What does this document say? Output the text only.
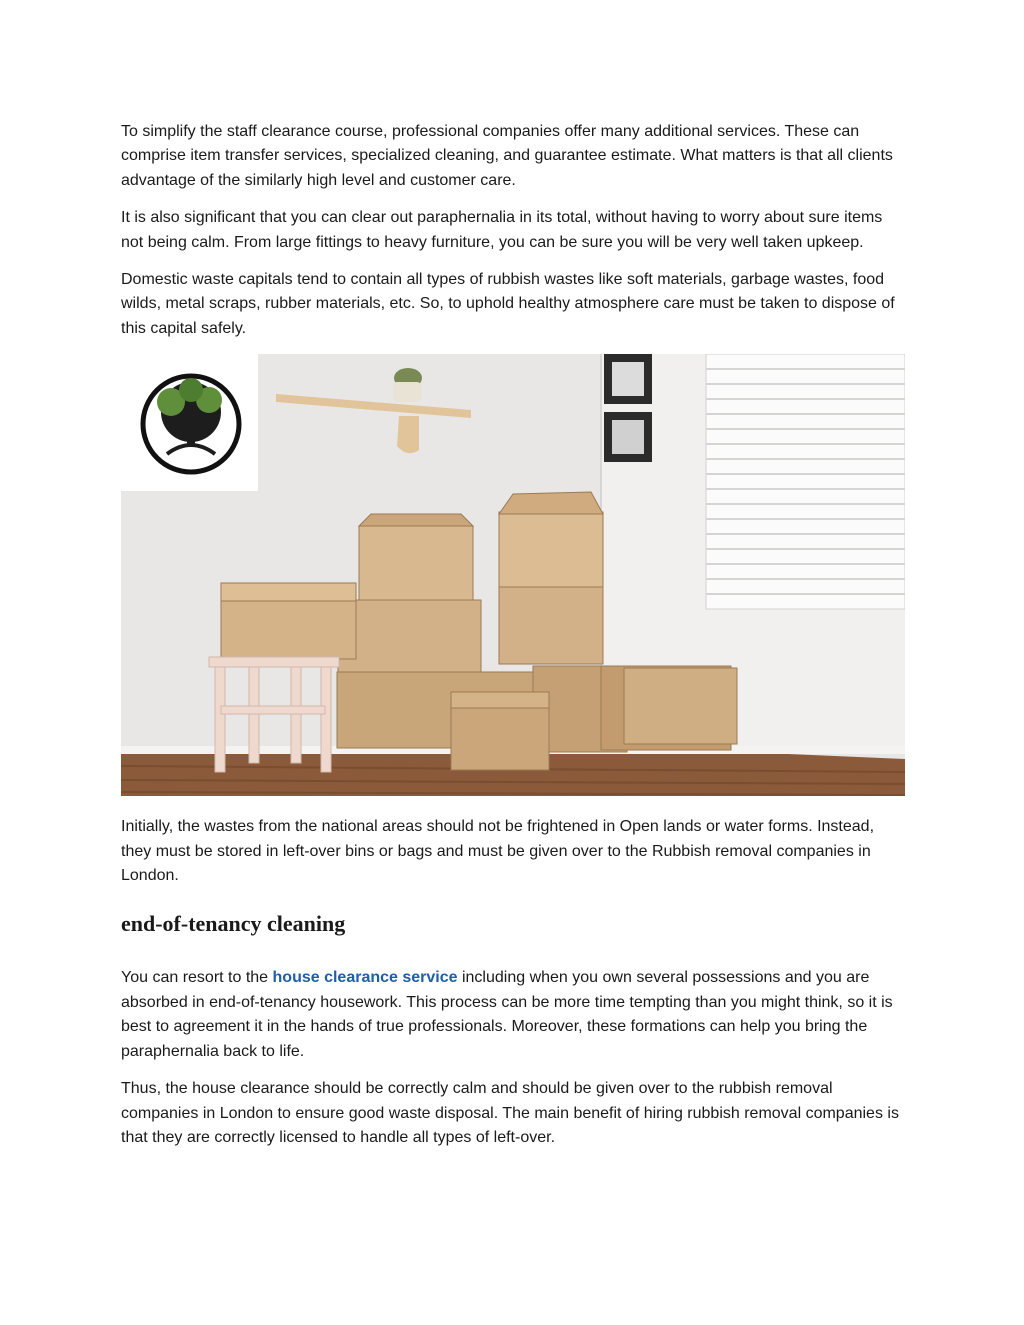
To simplify the staff clearance course, professional companies offer many additional services. These can comprise item transfer services, specialized cleaning, and guarantee estimate. What matters is that all clients advantage of the similarly high level and customer care.

It is also significant that you can clear out paraphernalia in its total, without having to worry about sure items not being calm. From large fittings to heavy furniture, you can be sure you will be very well taken upkeep.

Domestic waste capitals tend to contain all types of rubbish wastes like soft materials, garbage wastes, food wilds, metal scraps, rubber materials, etc. So, to uphold healthy atmosphere care must be taken to dispose of this capital safely.

Initially, the wastes from the national areas should not be frightened in Open lands or water forms. Instead, they must be stored in left-over bins or bags and must be given over to the Rubbish removal companies in London.

end-of-tenancy cleaning

You can resort to the house clearance service including when you own several possessions and you are absorbed in end-of-tenancy housework. This process can be more time tempting than you might think, so it is best to agreement it in the hands of true professionals. Moreover, these formations can help you bring the paraphernalia back to life.

Thus, the house clearance should be correctly calm and should be given over to the rubbish removal companies in London to ensure good waste disposal. The main benefit of hiring rubbish removal companies is that they are correctly licensed to handle all types of left-over.
